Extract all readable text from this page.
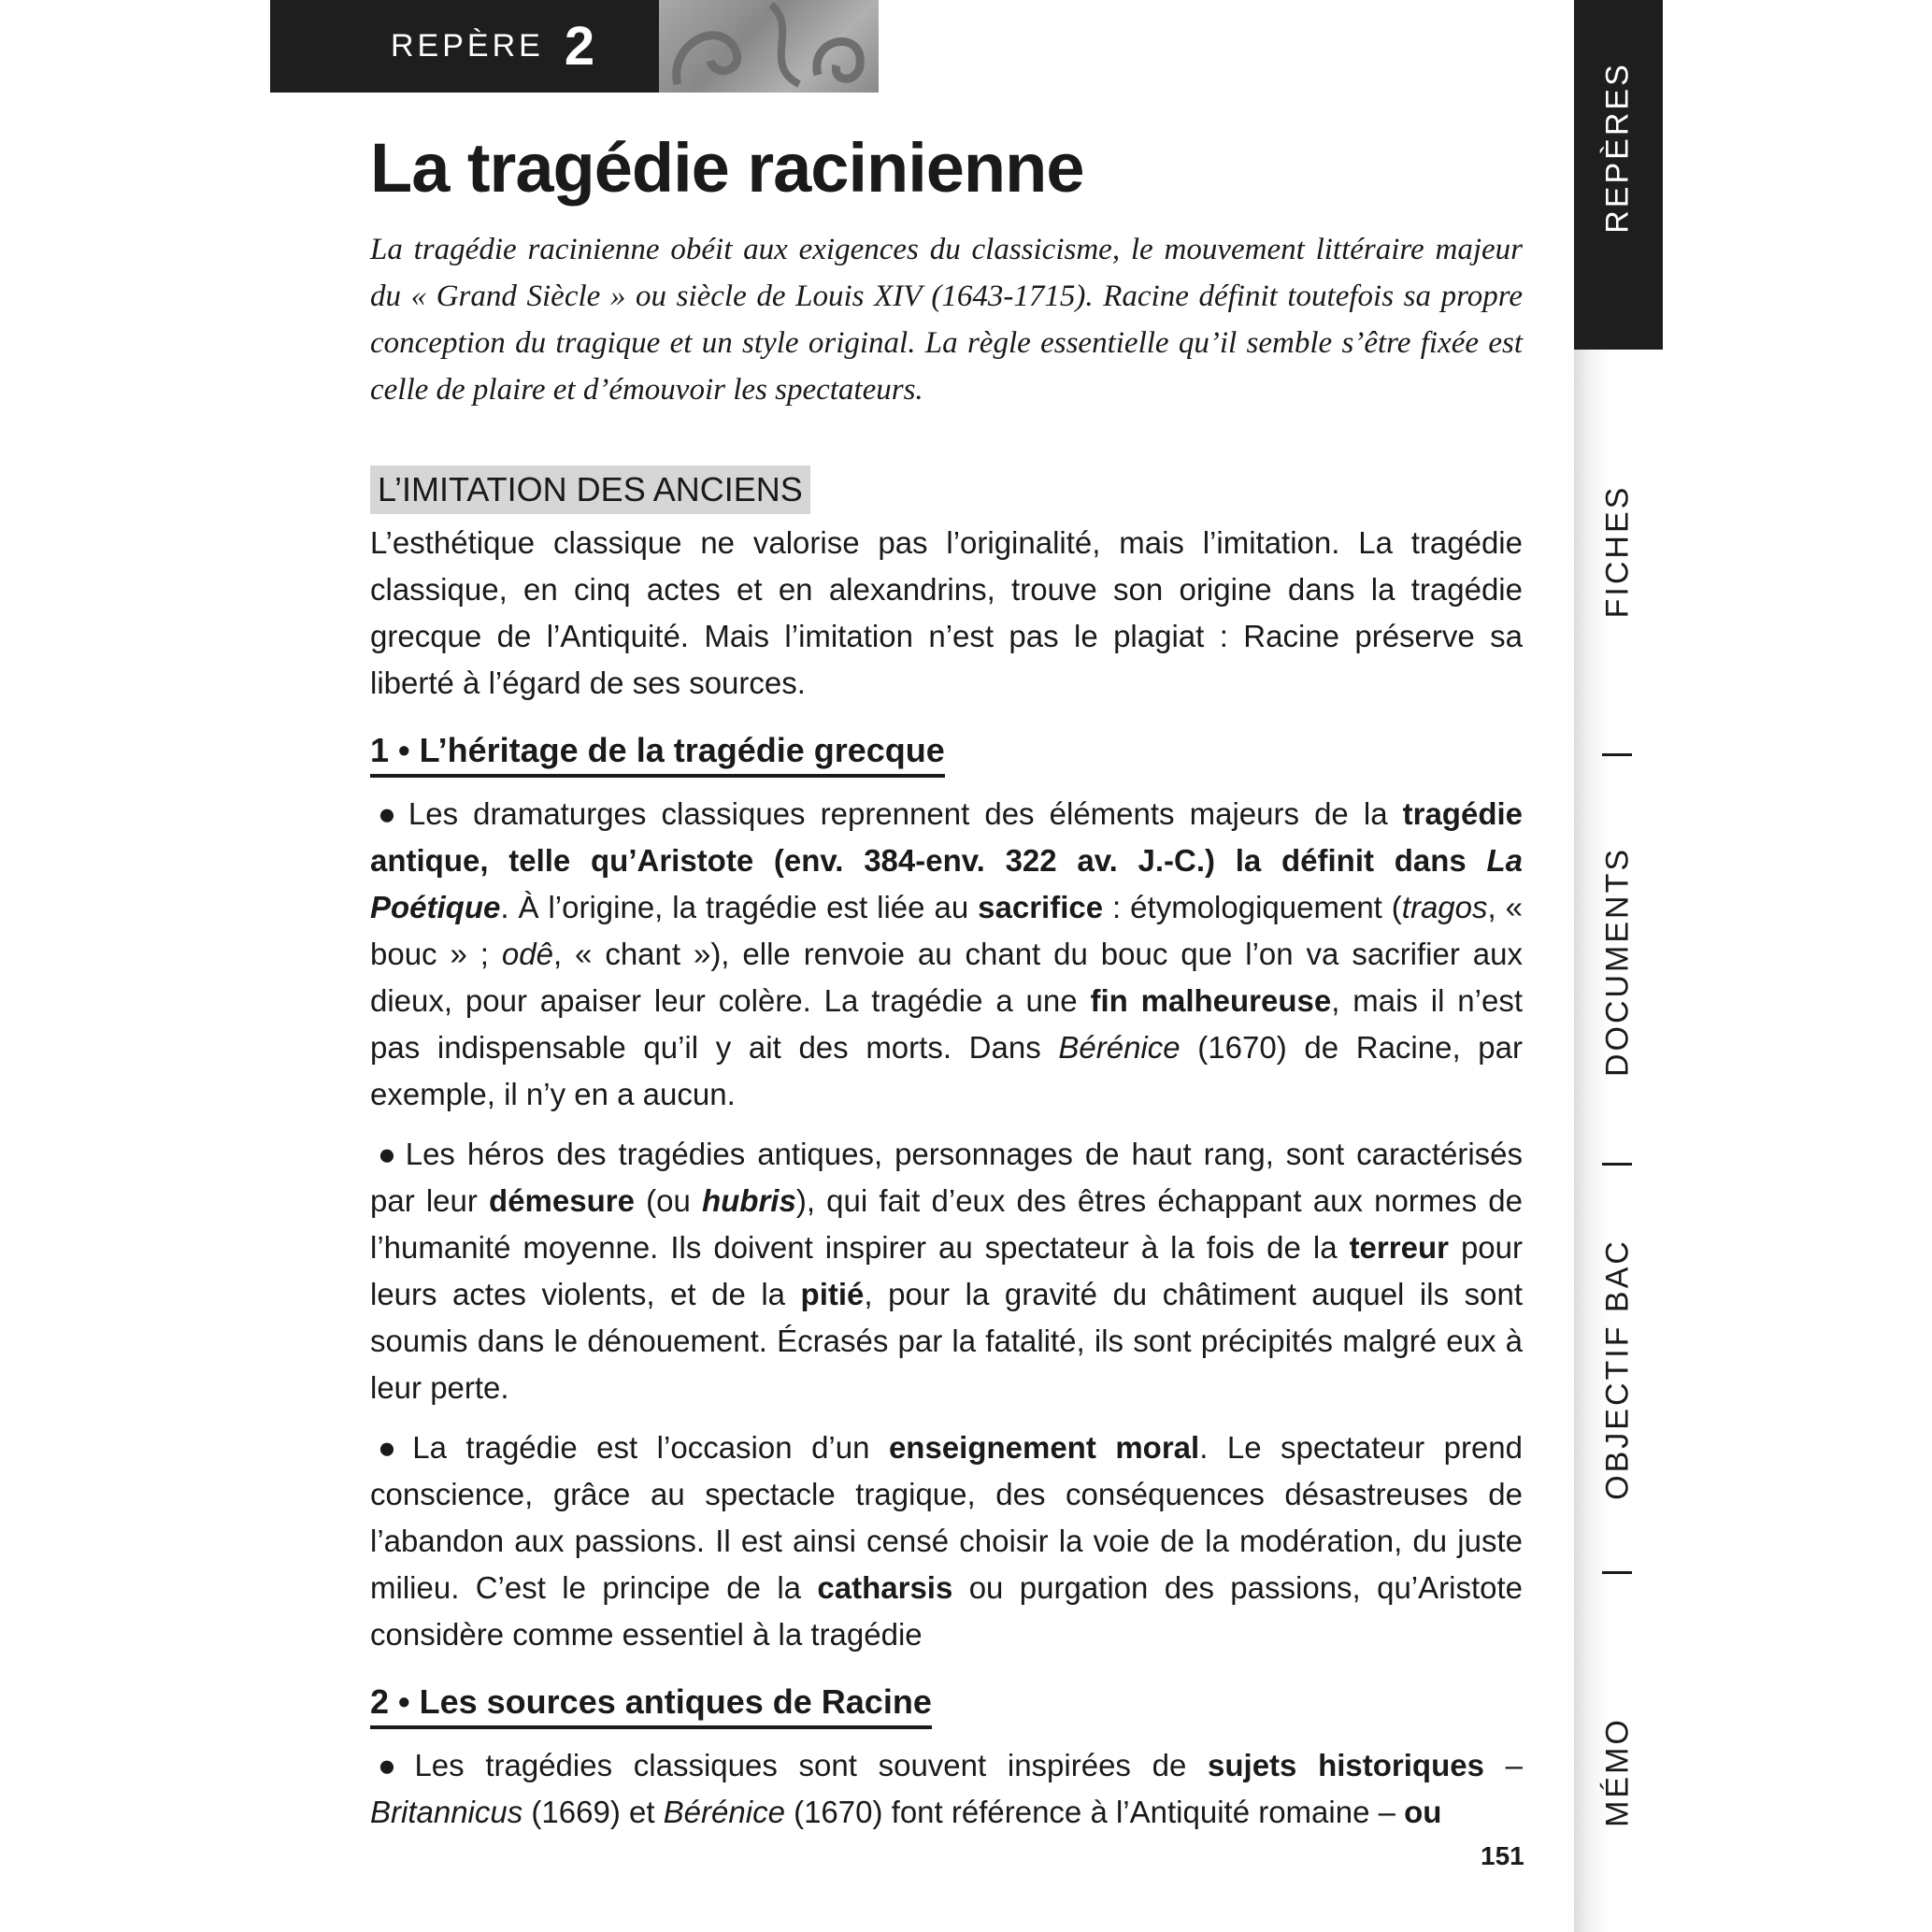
REPÈRE 2
REPÈRES
FICHES
DOCUMENTS
OBJECTIF BAC
MÉMO
La tragédie racinienne

La tragédie racinienne obéit aux exigences du classicisme, le mouvement littéraire majeur du « Grand Siècle » ou siècle de Louis XIV (1643-1715). Racine définit toutefois sa propre conception du tragique et un style original. La règle essentielle qu’il semble s’être fixée est celle de plaire et d’émouvoir les spectateurs.

L’IMITATION DES ANCIENS

L’esthétique classique ne valorise pas l’originalité, mais l’imitation. La tragédie classique, en cinq actes et en alexandrins, trouve son origine dans la tragédie grecque de l’Antiquité. Mais l’imitation n’est pas le plagiat : Racine préserve sa liberté à l’égard de ses sources.

1 • L’héritage de la tragédie grecque

● Les dramaturges classiques reprennent des éléments majeurs de la tragédie antique, telle qu’Aristote (env. 384-env. 322 av. J.-C.) la définit dans La Poétique. À l’origine, la tragédie est liée au sacrifice : étymologiquement (tragos, « bouc » ; odê, « chant »), elle renvoie au chant du bouc que l’on va sacrifier aux dieux, pour apaiser leur colère. La tragédie a une fin malheureuse, mais il n’est pas indispensable qu’il y ait des morts. Dans Bérénice (1670) de Racine, par exemple, il n’y en a aucun.

● Les héros des tragédies antiques, personnages de haut rang, sont caractérisés par leur démesure (ou hubris), qui fait d’eux des êtres échappant aux normes de l’humanité moyenne. Ils doivent inspirer au spectateur à la fois de la terreur pour leurs actes violents, et de la pitié, pour la gravité du châtiment auquel ils sont soumis dans le dénouement. Écrasés par la fatalité, ils sont précipités malgré eux à leur perte.

● La tragédie est l’occasion d’un enseignement moral. Le spectateur prend conscience, grâce au spectacle tragique, des conséquences désastreuses de l’abandon aux passions. Il est ainsi censé choisir la voie de la modération, du juste milieu. C’est le principe de la catharsis ou purgation des passions, qu’Aristote considère comme essentiel à la tragédie

2 • Les sources antiques de Racine

● Les tragédies classiques sont souvent inspirées de sujets historiques – Britannicus (1669) et Bérénice (1670) font référence à l’Antiquité romaine – ou

151
